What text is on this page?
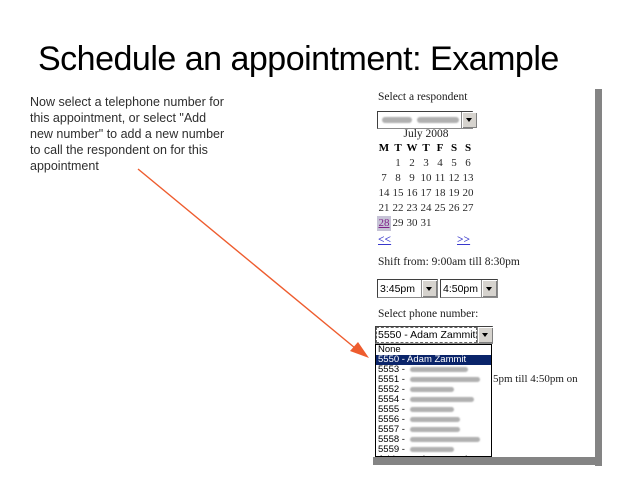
Schedule an appointment: Example
Now select a telephone number for
this appointment, or select "Add
new number" to add a new number
to call the respondent on for this
appointment
Select a respondent
July 2008
M T W T F S S
1 2 3 4 5 6
7 8 9 10 11 12 13
14 15 16 17 18 19 20
21 22 23 24 25 26 27
28 29 30 31
<<	>>
Shift from: 9:00am till 8:30pm
3:45pm	4:50pm
Select phone number:
5550 - Adam Zammit
None
5550 - Adam Zammit
5553 -
5551 -
5552 -
5554 -
5555 -
5556 -
5557 -
5558 -
5559 -
5pm till 4:50pm on
